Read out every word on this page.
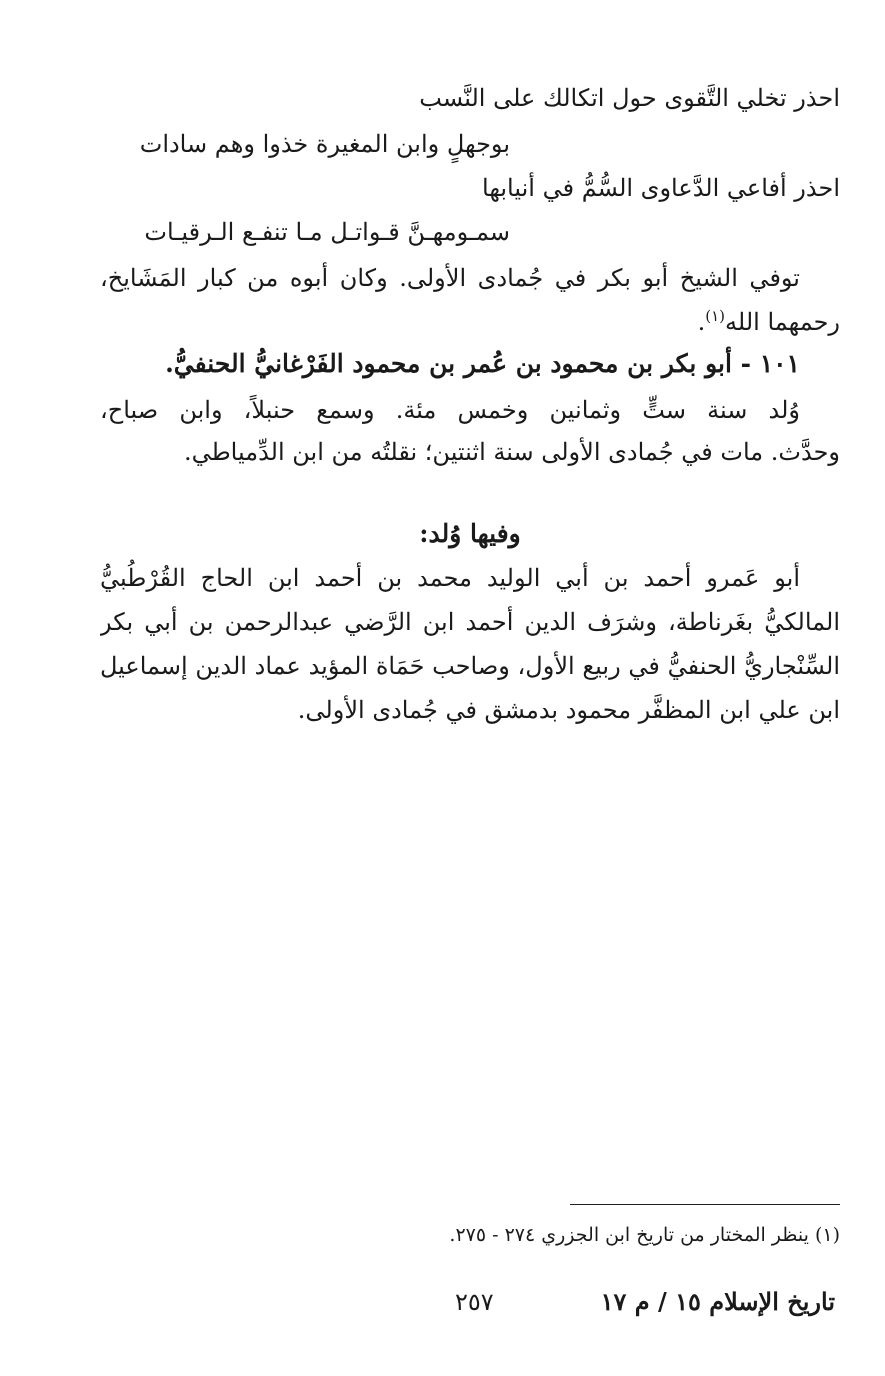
احذر تخلي التَّقوى حول اتكالك على النَّسب
بوجهلٍ وابن المغيرة خذوا وهم سادات
احذر أفاعي الدَّعاوى السُّمُّ في أنيابها
سمـومهـنَّ قـواتـل مـا تنفـع الـرقيـات
توفي الشيخ أبو بكر في جُمادى الأولى. وكان أبوه من كبار المَشَايخ،
رحمهما الله$^{(١)}$.
١٠١ - أبو بكر بن محمود بن عُمر بن محمود الفَرْغانيُّ الحنفيُّ.
وُلد سنة ستٍّ وثمانين وخمس مئة. وسمع حنبلاً، وابن صباح،
وحدَّث. مات في جُمادى الأولى سنة اثنتين؛ نقلتُه من ابن الدِّمياطي.
وفيها وُلد:
أبو عَمرو أحمد بن أبي الوليد محمد بن أحمد ابن الحاج القُرْطُبيُّ
المالكيُّ بغَرناطة، وشرَف الدين أحمد ابن الرَّضي عبدالرحمن بن أبي بكر
السِّنْجاريُّ الحنفيُّ في ربيع الأول، وصاحب حَمَاة المؤيد عماد الدين إسماعيل
ابن علي ابن المظفَّر محمود بدمشق في جُمادى الأولى.
(١) ينظر المختار من تاريخ ابن الجزري ٢٧٤ - ٢٧٥.
تاريخ الإسلام ١٥ / م ١٧
٢٥٧
